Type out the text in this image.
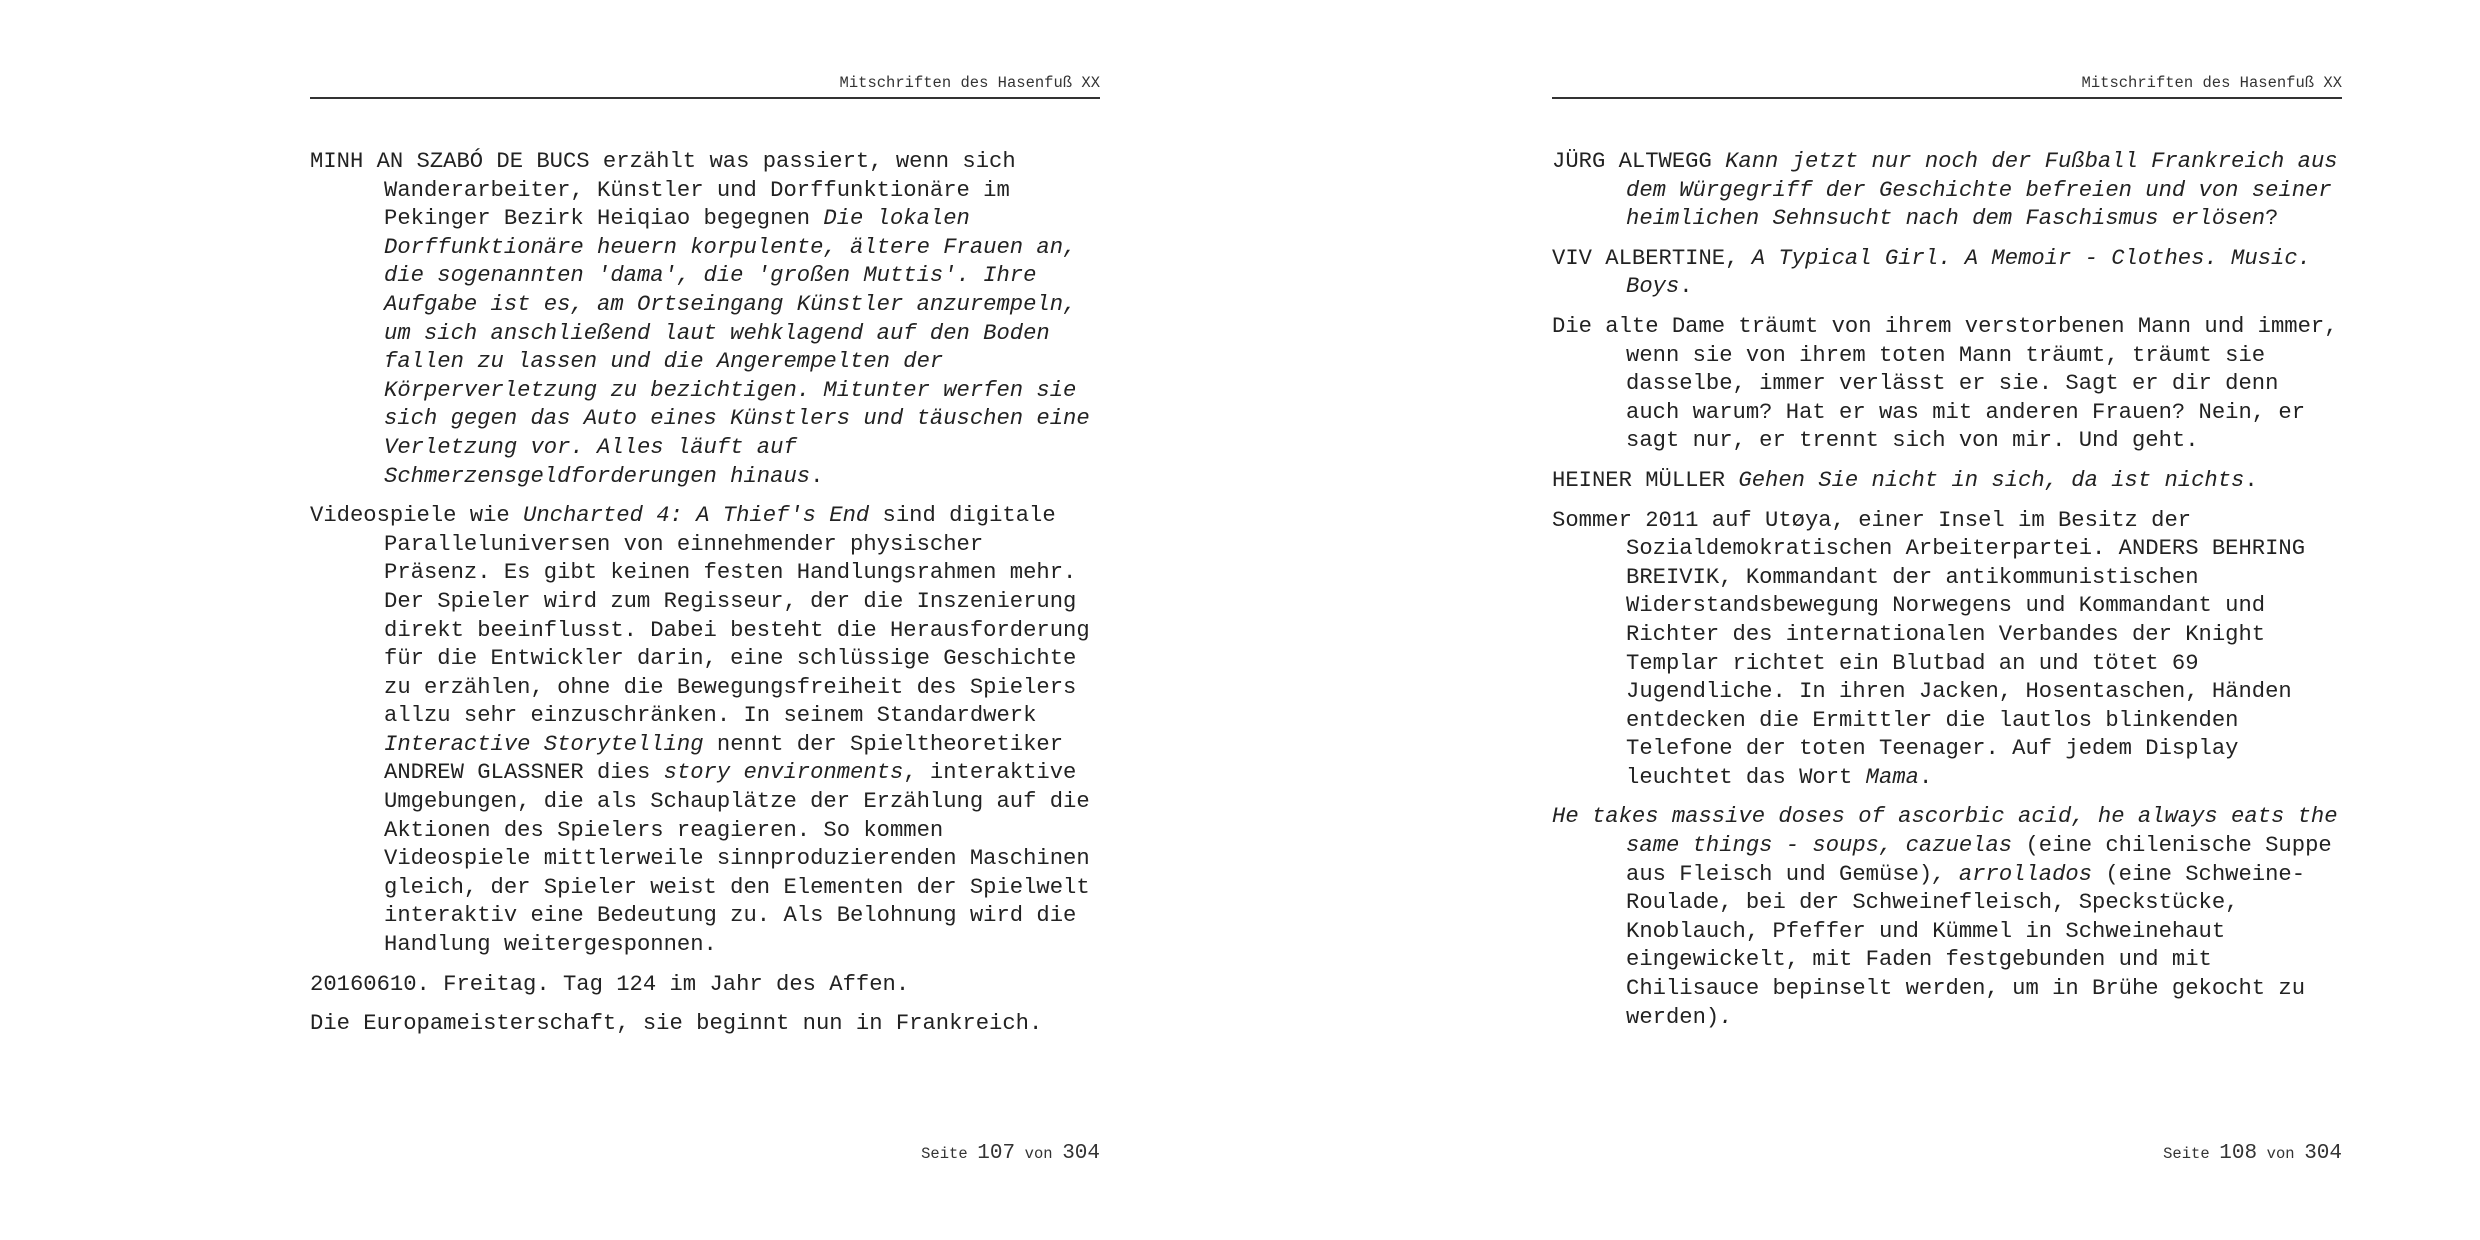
Mitschriften des Hasenfuß XX

MINH AN SZABÓ DE BUCS erzählt was passiert, wenn sich Wanderarbeiter, Künstler und Dorffunktionäre im Pekinger Bezirk Heiqiao begegnen Die lokalen Dorffunktionäre heuern korpulente, ältere Frauen an, die sogenannten 'dama', die 'großen Muttis'. Ihre Aufgabe ist es, am Ortseingang Künstler anzurempeln, um sich anschließend laut wehklagend auf den Boden fallen zu lassen und die Angerempelten der Körperverletzung zu bezichtigen. Mitunter werfen sie sich gegen das Auto eines Künstlers und täuschen eine Verletzung vor. Alles läuft auf Schmerzensgeldforderungen hinaus.

Videospiele wie Uncharted 4: A Thief's End sind digitale Paralleluniversen von einnehmender physischer Präsenz. Es gibt keinen festen Handlungsrahmen mehr. Der Spieler wird zum Regisseur, der die Inszenierung direkt beeinflusst. Dabei besteht die Herausforderung für die Entwickler darin, eine schlüssige Geschichte zu erzählen, ohne die Bewegungsfreiheit des Spielers allzu sehr einzuschränken. In seinem Standardwerk Interactive Storytelling nennt der Spieltheoretiker ANDREW GLASSNER dies story environments, interaktive Umgebungen, die als Schauplätze der Erzählung auf die Aktionen des Spielers reagieren. So kommen Videospiele mittlerweile sinnproduzierenden Maschinen gleich, der Spieler weist den Elementen der Spielwelt interaktiv eine Bedeutung zu. Als Belohnung wird die Handlung weitergesponnen.

20160610. Freitag. Tag 124 im Jahr des Affen.

Die Europameisterschaft, sie beginnt nun in Frankreich.

Seite 107 von 304
Mitschriften des Hasenfuß XX

JÜRG ALTWEGG Kann jetzt nur noch der Fußball Frankreich aus dem Würgegriff der Geschichte befreien und von seiner heimlichen Sehnsucht nach dem Faschismus erlösen?

VIV ALBERTINE, A Typical Girl. A Memoir - Clothes. Music. Boys.

Die alte Dame träumt von ihrem verstorbenen Mann und immer, wenn sie von ihrem toten Mann träumt, träumt sie dasselbe, immer verlässt er sie. Sagt er dir denn auch warum? Hat er was mit anderen Frauen? Nein, er sagt nur, er trennt sich von mir. Und geht.

HEINER MÜLLER Gehen Sie nicht in sich, da ist nichts.

Sommer 2011 auf Utøya, einer Insel im Besitz der Sozialdemokratischen Arbeiterpartei. ANDERS BEHRING BREIVIK, Kommandant der antikommunistischen Widerstandsbewegung Norwegens und Kommandant und Richter des internationalen Verbandes der Knight Templar richtet ein Blutbad an und tötet 69 Jugendliche. In ihren Jacken, Hosentaschen, Händen entdecken die Ermittler die lautlos blinkenden Telefone der toten Teenager. Auf jedem Display leuchtet das Wort Mama.

He takes massive doses of ascorbic acid, he always eats the same things - soups, cazuelas (eine chilenische Suppe aus Fleisch und Gemüse), arrollados (eine Schweine-Roulade, bei der Schweinefleisch, Speckstücke, Knoblauch, Pfeffer und Kümmel in Schweinehaut eingewickelt, mit Faden festgebunden und mit Chilisauce bepinselt werden, um in Brühe gekocht zu werden).

Seite 108 von 304
